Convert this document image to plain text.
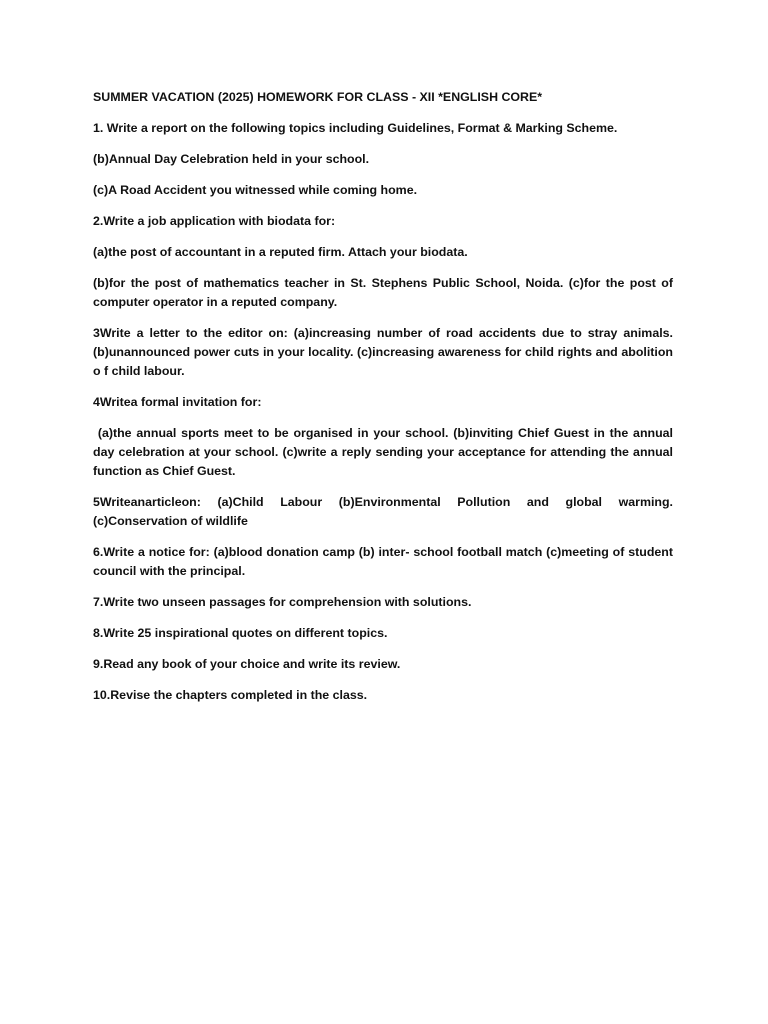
SUMMER VACATION (2025) HOMEWORK FOR CLASS - XII *ENGLISH CORE*
1. Write a report on the following topics including Guidelines, Format & Marking Scheme.
(b)Annual Day Celebration held in your school.
(c)A Road Accident you witnessed while coming home.
2.Write a job application with biodata for:
(a)the post of accountant in a reputed firm. Attach your biodata.
(b)for the post of mathematics teacher in St. Stephens Public School, Noida. (c)for the post of computer operator in a reputed company.
3Write a letter to the editor on: (a)increasing number of road accidents due to stray animals. (b)unannounced power cuts in your locality. (c)increasing awareness for child rights and abolition o f child labour.
4Writea formal invitation for:
(a)the annual sports meet to be organised in your school. (b)inviting Chief Guest in the annual day celebration at your school. (c)write a reply sending your acceptance for attending the annual function as Chief Guest.
5Writeanarticleon: (a)Child Labour (b)Environmental Pollution and global warming. (c)Conservation of wildlife
6.Write a notice for: (a)blood donation camp (b) inter- school football match (c)meeting of student council with the principal.
7.Write two unseen passages for comprehension with solutions.
8.Write 25 inspirational quotes on different topics.
9.Read any book of your choice and write its review.
10.Revise the chapters completed in the class.
